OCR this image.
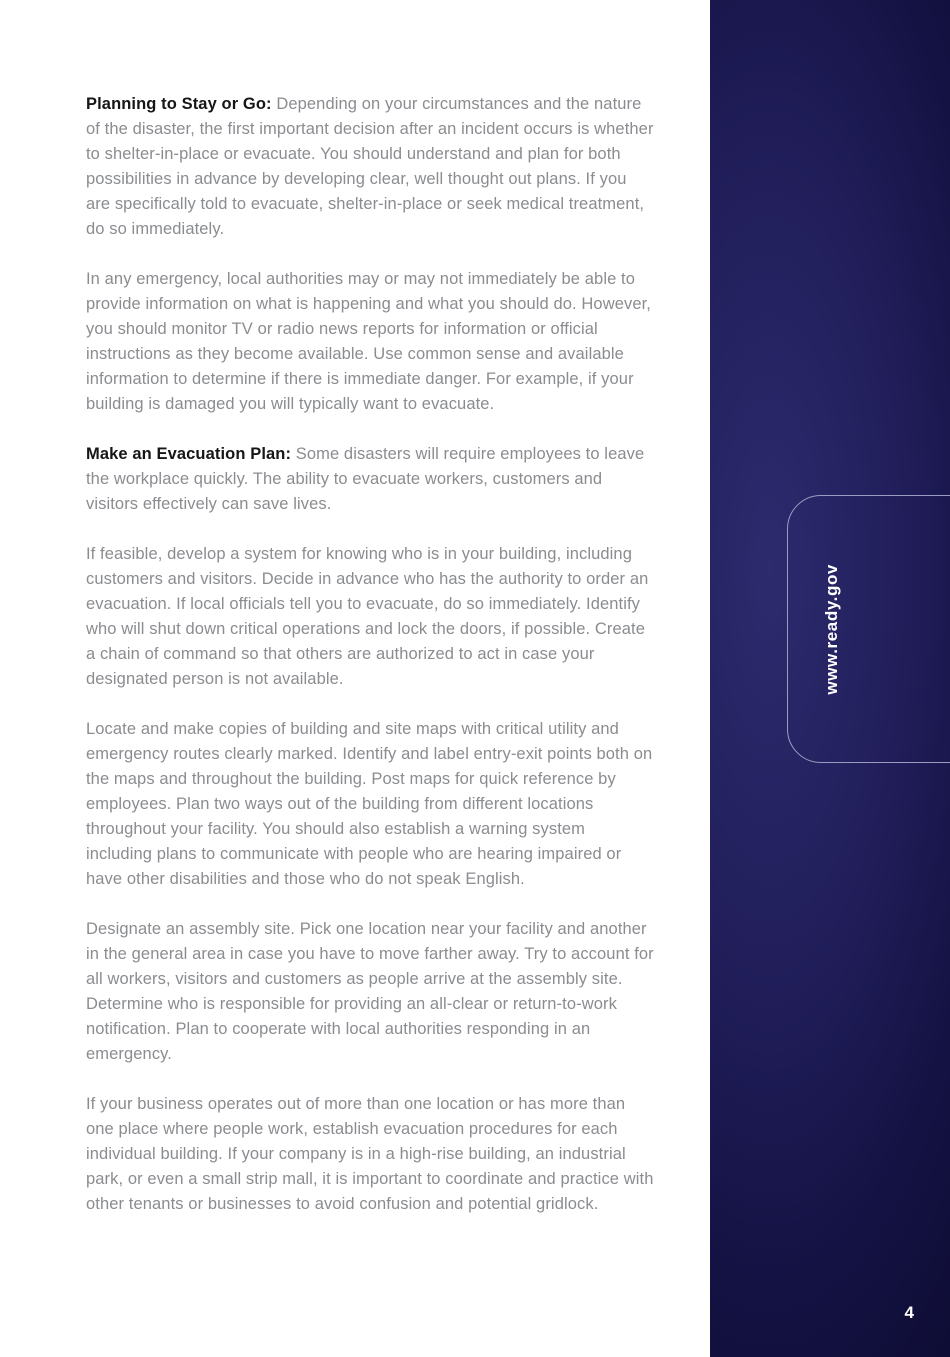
Planning to Stay or Go: Depending on your circumstances and the nature of the disaster, the first important decision after an incident occurs is whether to shelter-in-place or evacuate. You should understand and plan for both possibilities in advance by developing clear, well thought out plans. If you are specifically told to evacuate, shelter-in-place or seek medical treatment, do so immediately.

In any emergency, local authorities may or may not immediately be able to provide information on what is happening and what you should do. However, you should monitor TV or radio news reports for information or official instructions as they become available. Use common sense and available information to determine if there is immediate danger. For example, if your building is damaged you will typically want to evacuate.

Make an Evacuation Plan: Some disasters will require employees to leave the workplace quickly. The ability to evacuate workers, customers and visitors effectively can save lives.

If feasible, develop a system for knowing who is in your building, including customers and visitors. Decide in advance who has the authority to order an evacuation. If local officials tell you to evacuate, do so immediately. Identify who will shut down critical operations and lock the doors, if possible. Create a chain of command so that others are authorized to act in case your designated person is not available.

Locate and make copies of building and site maps with critical utility and emergency routes clearly marked. Identify and label entry-exit points both on the maps and throughout the building. Post maps for quick reference by employees. Plan two ways out of the building from different locations throughout your facility. You should also establish a warning system including plans to communicate with people who are hearing impaired or have other disabilities and those who do not speak English.

Designate an assembly site. Pick one location near your facility and another in the general area in case you have to move farther away. Try to account for all workers, visitors and customers as people arrive at the assembly site. Determine who is responsible for providing an all-clear or return-to-work notification. Plan to cooperate with local authorities responding in an emergency.

If your business operates out of more than one location or has more than one place where people work, establish evacuation procedures for each individual building. If your company is in a high-rise building, an industrial park, or even a small strip mall, it is important to coordinate and practice with other tenants or businesses to avoid confusion and potential gridlock.

www.ready.gov
4
